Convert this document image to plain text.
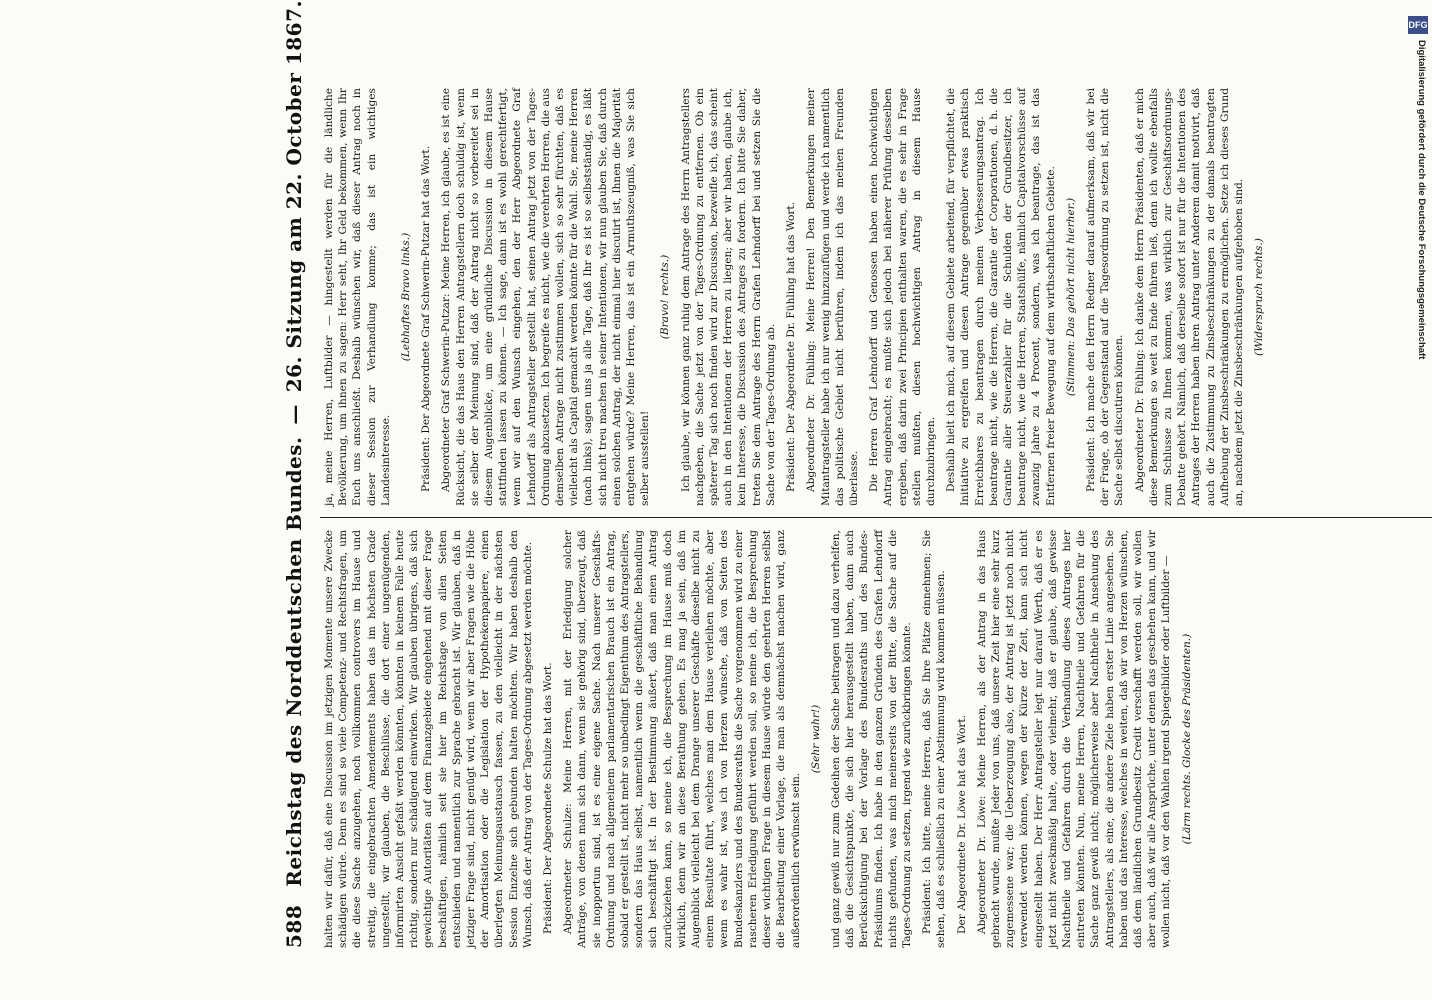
588
Reichstag des Norddeutschen Bundes.
—
26. Sitzung am 22. October 1867.

halten wir dafür, daß eine Discussion im jetzigen Momente unsere Zwecke schädigen würde. Denn es sind so viele Competenz- und Rechtsfragen, um die diese Sache anzugehen, noch vollkommen controvers im Hause und streitig, die eingebrachten Amendements haben das im höchsten Grade ungestellt, wir glauben, die Beschlüsse, die dort einer ungenügenden, informirten Ansicht gefaßt werden könnten, könnten in keinem Falle heute richtig, sondern nur schädigend einwirken. Wir glauben übrigens, daß sich gewichtige Autoritäten auf dem Finanzgebiete eingehend mit dieser Frage beschäftigen, nämlich seit sie hier im Reichstage von allen Seiten entschieden und namentlich zur Sprache gebracht ist. Wir glauben, daß in jetziger Frage sind, nicht genügt wird, wenn wir aber Fragen wie die Höhe der Amortisation oder die Legislation der Hypothekenpapiere, einen überlegten Meinungsaustausch fassen, zu den vielleicht in der nächsten Session Einzelne sich gebunden halten möchten. Wir haben deshalb den Wunsch, daß der Antrag von der Tages-Ordnung abgesetzt werden möchte. Präsident: Der Abgeordnete Schulze hat das Wort. Abgeordneter Schulze: Meine Herren, mit der Erledigung solcher Anträge, von denen man sich dann, wenn sie gehörig sind, überzeugt, daß sie inopportun sind, ist es eine eigene Sache. Nach unserer Geschäfts-Ordnung und nach allgemeinem parlamentarischen Brauch ist ein Antrag, sobald er gestellt ist, nicht mehr so unbedingt Eigenthum des Antragstellers, sondern das Haus selbst, namentlich wenn die geschäftliche Behandlung sich beschäftigt ist. In der Bestimmung äußert, daß man einen Antrag zurückziehen kann, so meine ich, die Besprechung im Hause muß doch wirklich, denn wir an diese Berathung gehen. Es mag ja sein, daß im Augenblick vielleicht bei dem Drange unserer Geschäfte dieselbe nicht zu einem Resultate führt, welches man dem Hause verleihen möchte, aber wenn es wahr ist, was ich von Herzen wünsche, daß von Seiten des Bundeskanzlers und des Bundesraths die Sache vorgenommen wird zu einer rascheren Erledigung geführt werden soll, so meine ich, die Besprechung dieser wichtigen Frage in diesem Hause würde den geehrten Herren selbst die Bearbeitung einer Vorlage, die man als demnächst machen wird, ganz außerordentlich erwünscht sein.

(Sehr wahr!) und ganz gewiß nur zum Gedeihen der Sache beitragen und dazu verhelfen, daß die Gesichtspunkte, die sich hier herausgestellt haben, dann auch Berücksichtigung bei der Vorlage des Bundesraths und des Bundes-Präsidiums finden. Ich habe in den ganzen Gründen des Grafen Lehndorff nichts gefunden, was mich meinerseits von der Bitte, die Sache auf die Tages-Ordnung zu setzen, irgend wie zurückbringen könnte. Präsident: Ich bitte, meine Herren, daß Sie Ihre Plätze einnehmen; Sie sehen, daß es schließlich zu einer Abstimmung wird kommen müssen. Der Abgeordnete Dr. Löwe hat das Wort. Abgeordneter Dr. Löwe: Meine Herren, als der Antrag in das Haus gebracht wurde, mußte Jeder von uns, daß unsere Zeit hier eine sehr kurz zugemessene war; die Ueberzeugung also, der Antrag ist jetzt noch nicht verwendet werden können, wegen der Kürze der Zeit, kann sich nicht eingestellt haben. Der Herr Antragsteller legt nur darauf Werth, daß er es jetzt nicht zweckmäßig halte, oder vielmehr, daß er glaube, daß gewisse Nachtheile und Gefahren durch die Verhandlung dieses Antrages hier eintreten könnten. Nun, meine Herren, Nachtheile und Gefahren für die Sache ganz gewiß nicht; möglicherweise aber Nachtheile in Ansehung des Antragstellers, als eine, die andere Ziele haben erster Linie angesehen. Sie haben und das Interesse, welches in weiten, daß wir von Herzen wünschen, daß dem ländlichen Grundbesitz Credit verschafft werden soll, wir wollen aber auch, daß wir alle Ansprüche, unter denen das geschehen kann, und wir wollen nicht, daß vor den Wahlen irgend Spiegelbilder oder Luftbilder — (Lärm rechts. Glocke des Präsidenten.)

ja, meine Herren, Luftbilder — hingestellt werden für die ländliche Bevölkerung, um ihnen zu sagen: Herr seht, Ihr Geld bekommen, wenn Ihr Euch uns anschließt. Deshalb wünschen wir, daß dieser Antrag noch in dieser Session zur Verhandlung komme; das ist ein wichtiges Landesinteresse.

(Lebhaftes Bravo links.) Präsident: Der Abgeordnete Graf Schwerin-Putzar hat das Wort. Abgeordneter Graf Schwerin-Putzar: Meine Herren, ich glaube, es ist eine Rücksicht, die das Haus den Herren Antragstellern doch schuldig ist, wenn sie selber der Meinung sind, daß der Antrag nicht so vorbereitet sei in diesem Augenblicke, um eine gründliche Discussion in diesem Hause stattfinden lassen zu können. — Ich sage, dann ist es wohl gerechtfertigt, wenn wir auf den Wunsch eingehen, den der Herr Abgeordnete Graf Lehndorff als Antragsteller gestellt hat, seinen Antrag jetzt von der Tages-Ordnung abzusetzen. Ich begreife es nicht, wie die verehrten Herren, die aus demselben Antrage nicht zustimmen wollen, sich so sehr fürchten, daß es vielleicht als Capital gemacht werden könnte für die Wahl. Sie, meine Herren (nach links), sagen uns ja alle Tage, daß Ihr es ist so selbstständig, es läßt sich nicht treu machen in seiner Intentionen, wir nun glauben Sie, daß durch einen solchen Antrag, der nicht einmal hier discutirt ist, Ihnen die Majorität entgehen würde? Meine Herren, das ist ein Armuthszeugniß, was Sie sich selber ausstellen!

(Bravo! rechts.) Ich glaube, wir können ganz ruhig dem Antrage des Herrn Antragstellers nachgeben, die Sache jetzt von der Tages-Ordnung zu entfernen. Ob ein späterer Tag sich noch finden wird zur Discussion, bezweifle ich, das scheint auch in den Intentionen der Herren zu liegen; aber wir haben, glaube ich, kein Interesse, die Discussion des Antrages zu fordern. Ich bitte Sie daher, treten Sie dem Antrage des Herrn Grafen Lehndorff bei und setzen Sie die Sache von der Tages-Ordnung ab. Präsident: Der Abgeordnete Dr. Fühling hat das Wort. Abgeordneter Dr. Fühling: Meine Herren! Den Bemerkungen meiner Mitantragsteller habe ich nur wenig hinzuzufügen und werde ich namentlich das politische Gebiet nicht berühren, indem ich das meinen Freunden überlasse. Die Herren Graf Lehndorff und Genossen haben einen hochwichtigen Antrag eingebracht; es mußte sich jedoch bei näherer Prüfung desselben ergeben, daß darin zwei Principien enthalten waren, die es sehr in Frage stellen mußten, diesen hochwichtigen Antrag in diesem Hause durchzubringen. Deshalb hielt ich mich, auf diesem Gebiete arbeitend, für verpflichtet, die Initiative zu ergreifen und diesen Antrage gegenüber etwas praktisch Erreichbares zu beantragen durch meinen Verbesserungsantrag. Ich beantrage nicht, wie die Herren, die Garantie der Corporationen, d. h. die Garantie aller Steuerzahler für die Schulden der Grundbesitzer, ich beantrage nicht, wie die Herren, Staatshülfe, nämlich Capitalvorschüsse auf zwanzig Jahre zu 4 Procent, sondern, was ich beantrage, das ist das Entfernen freier Bewegung auf dem wirthschaftlichen Gebiete. (Stimmen: Das gehört nicht hierher.) Präsident: Ich mache den Herrn Redner darauf aufmerksam, daß wir bei der Frage, ob der Gegenstand auf die Tagesordnung zu setzen ist, nicht die Sache selbst discutiren können. Abgeordneter Dr. Fühling: Ich danke dem Herrn Präsidenten, daß er mich diese Bemerkungen so weit zu Ende führen ließ, denn ich wollte ebenfalls zum Schlusse zu Ihnen kommen, was wirklich zur Geschäftsordnungs-Debatte gehört. Nämlich, daß derselbe sofort ist nur für die Intentionen des Antrages der Herren haben ihren Antrag unter Anderem damit motivirt, daß auch die Zustimmung zu Zinsbeschränkungen zu der damals beantragten Aufhebung der Zinsbeschränkungen zu ermöglichen. Setze ich dieses Grund an, nachdem jetzt die Zinsbeschränkungen aufgehoben sind. (Widerspruch rechts.)

DFG
Digitalisierung gefördert durch die Deutsche Forschungsgemeinschaft
